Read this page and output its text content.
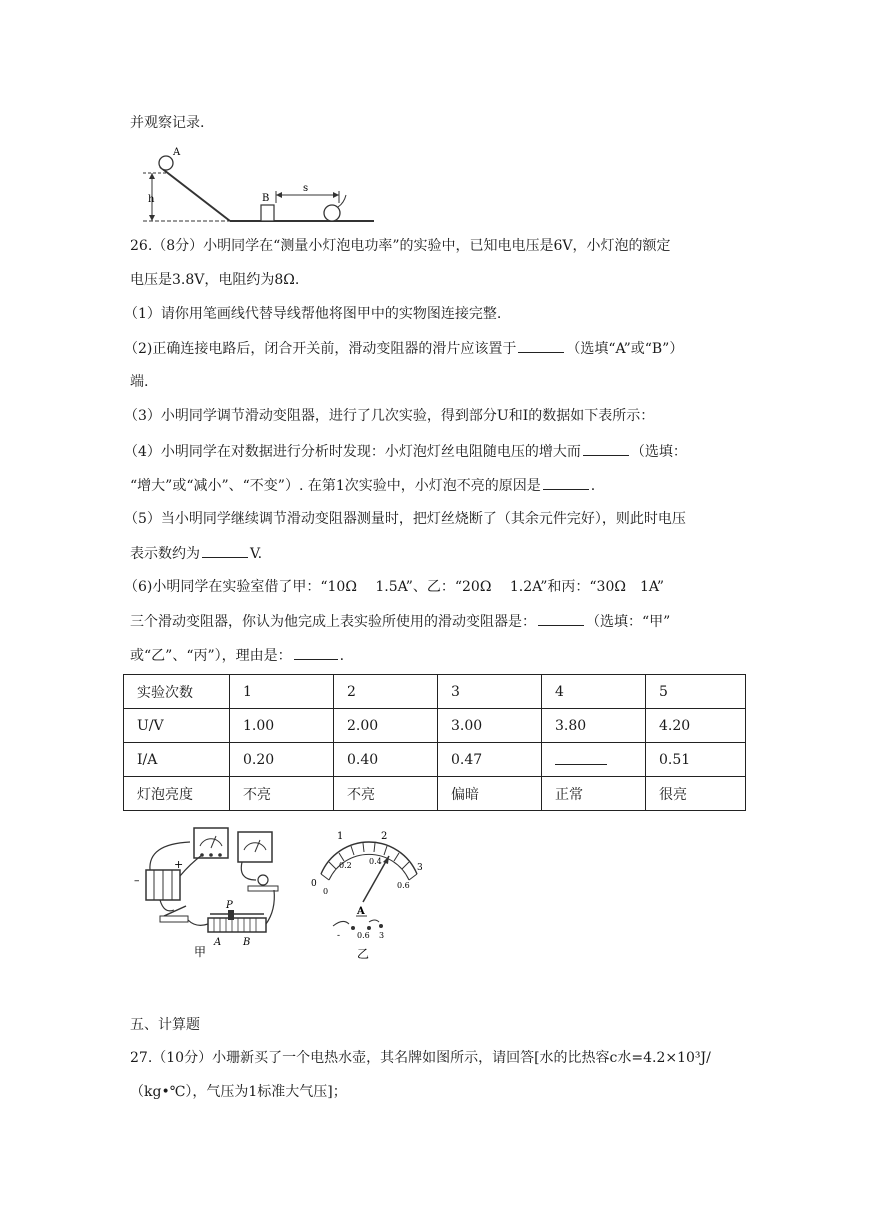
并观察记录.
h
A
B
s
26.（8分）小明同学在“测量小灯泡电功率”的实验中，已知电电压是6V，小灯泡的额定
电压是3.8V，电阻约为8Ω.
（1）请你用笔画线代替导线帮他将图甲中的实物图连接完整.
（2)正确连接电路后，闭合开关前，滑动变阻器的滑片应该置于	（选填“A”或“B”）
端.
（3）小明同学调节滑动变阻器，进行了几次实验，得到部分U和I的数据如下表所示：
（4）小明同学在对数据进行分析时发现：小灯泡灯丝电阻随电压的增大而	（选填：
“增大”或“减小”、“不变”）. 在第1次实验中，小灯泡不亮的原因是	.
（5）当小明同学继续调节滑动变阻器测量时，把灯丝烧断了（其余元件完好），则此时电压
表示数约为	V.
（6)小明同学在实验室借了甲：“10Ω　 1.5A”、乙：“20Ω　 1.2A”和丙：“30Ω　1A”
三个滑动变阻器，你认为他完成上表实验所使用的滑动变阻器是：	（选填：“甲”
或“乙”、“丙”），理由是：	.
实验次数	1	2	3	4	5
U/V	1.00	2.00	3.00	3.80	4.20
I/A	0.20	0.40	0.47		0.51
灯泡亮度	不亮	不亮	偏暗	正常	很亮
–
+
P
A B
甲
1	2
0
3
0
0.2 0.4
0.6
A
- 0.6 3
乙
五、计算题
27.（10分）小珊新买了一个电热水壶，其名牌如图所示，请回答[水的比热容c水=4.2×10³J/
（kg•℃），气压为1标准大气压]；
